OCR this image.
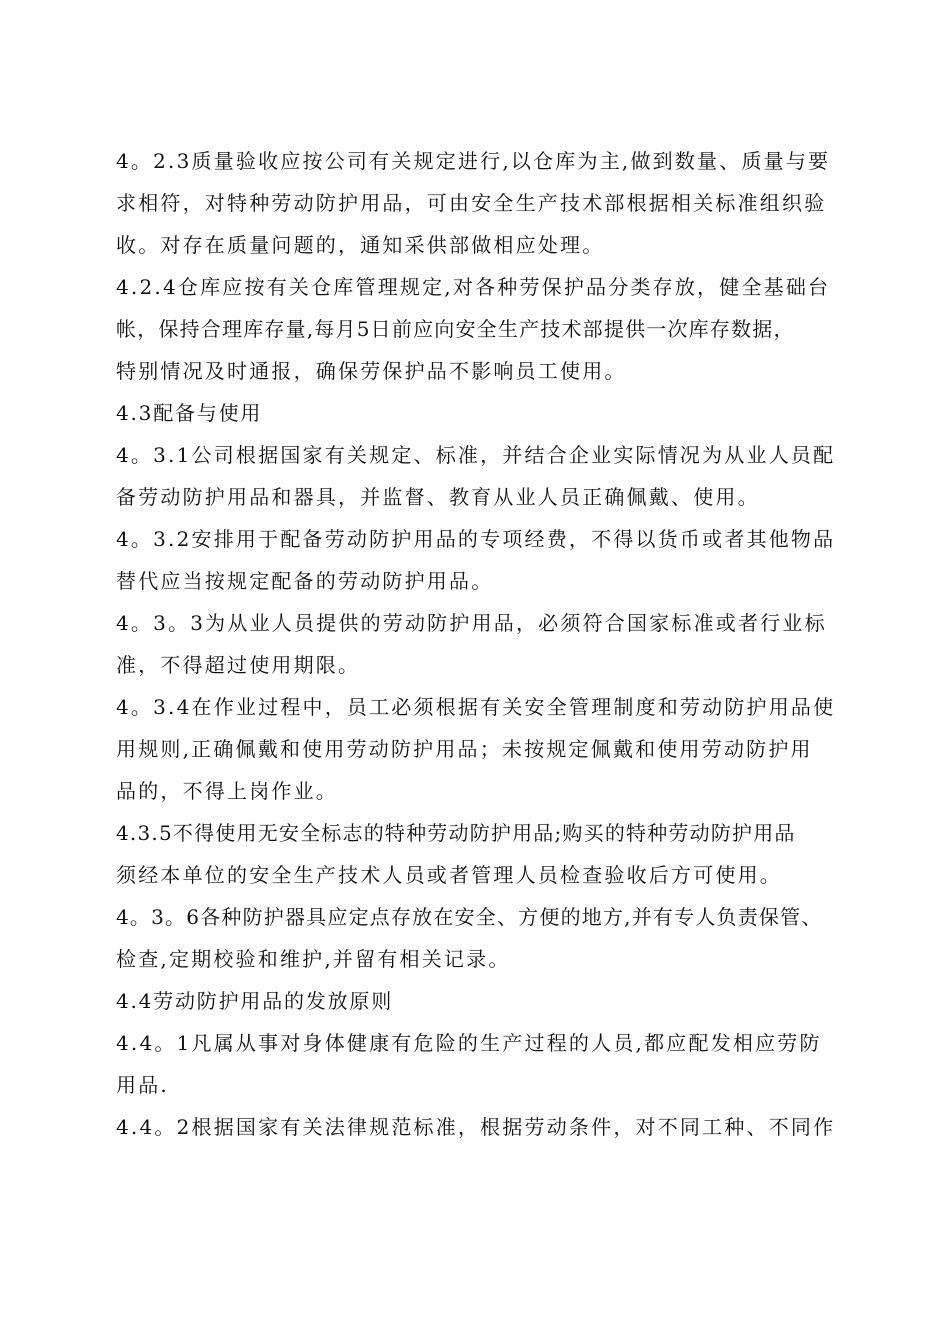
4。2.3质量验收应按公司有关规定进行,以仓库为主,做到数量、质量与要
求相符，对特种劳动防护用品，可由安全生产技术部根据相关标准组织验
收。对存在质量问题的，通知采供部做相应处理。
4.2.4仓库应按有关仓库管理规定,对各种劳保护品分类存放，健全基础台
帐，保持合理库存量,每月5日前应向安全生产技术部提供一次库存数据，
特别情况及时通报，确保劳保护品不影响员工使用。
4.3配备与使用
4。3.1公司根据国家有关规定、标准，并结合企业实际情况为从业人员配
备劳动防护用品和器具，并监督、教育从业人员正确佩戴、使用。
4。3.2安排用于配备劳动防护用品的专项经费，不得以货币或者其他物品
替代应当按规定配备的劳动防护用品。
4。3。3为从业人员提供的劳动防护用品，必须符合国家标准或者行业标
准，不得超过使用期限。
4。3.4在作业过程中，员工必须根据有关安全管理制度和劳动防护用品使
用规则,正确佩戴和使用劳动防护用品；未按规定佩戴和使用劳动防护用
品的，不得上岗作业。
4.3.5不得使用无安全标志的特种劳动防护用品;购买的特种劳动防护用品
须经本单位的安全生产技术人员或者管理人员检查验收后方可使用。
4。3。6各种防护器具应定点存放在安全、方便的地方,并有专人负责保管、
检查,定期校验和维护,并留有相关记录。
4.4劳动防护用品的发放原则
4.4。1凡属从事对身体健康有危险的生产过程的人员,都应配发相应劳防
用品.
4.4。2根据国家有关法律规范标准，根据劳动条件，对不同工种、不同作
